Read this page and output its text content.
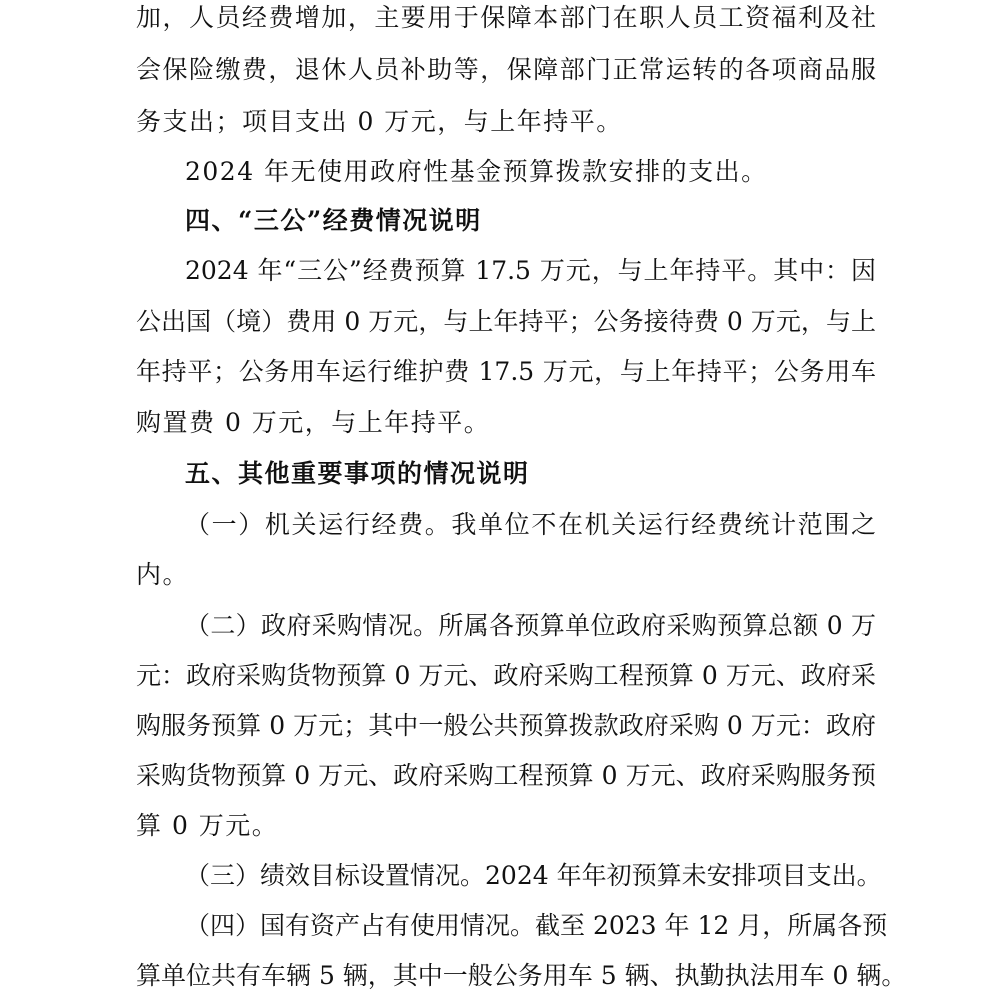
加，人员经费增加，主要用于保障本部门在职人员工资福利及社
会保险缴费，退休人员补助等，保障部门正常运转的各项商品服
务支出；项目支出 0 万元，与上年持平。
2024 年无使用政府性基金预算拨款安排的支出。
四、“三公”经费情况说明
2024 年“三公”经费预算 17.5 万元，与上年持平。其中：因
公出国（境）费用 0 万元，与上年持平；公务接待费 0 万元，与上
年持平；公务用车运行维护费 17.5 万元，与上年持平；公务用车
购置费 0 万元，与上年持平。
五、其他重要事项的情况说明
（一）机关运行经费。我单位不在机关运行经费统计范围之
内。
（二）政府采购情况。所属各预算单位政府采购预算总额 0 万
元：政府采购货物预算 0 万元、政府采购工程预算 0 万元、政府采
购服务预算 0 万元；其中一般公共预算拨款政府采购 0 万元：政府
采购货物预算 0 万元、政府采购工程预算 0 万元、政府采购服务预
算 0 万元。
（三）绩效目标设置情况。2024 年年初预算未安排项目支出。
（四）国有资产占有使用情况。截至 2023 年 12 月，所属各预
算单位共有车辆 5 辆，其中一般公务用车 5 辆、执勤执法用车 0 辆。
